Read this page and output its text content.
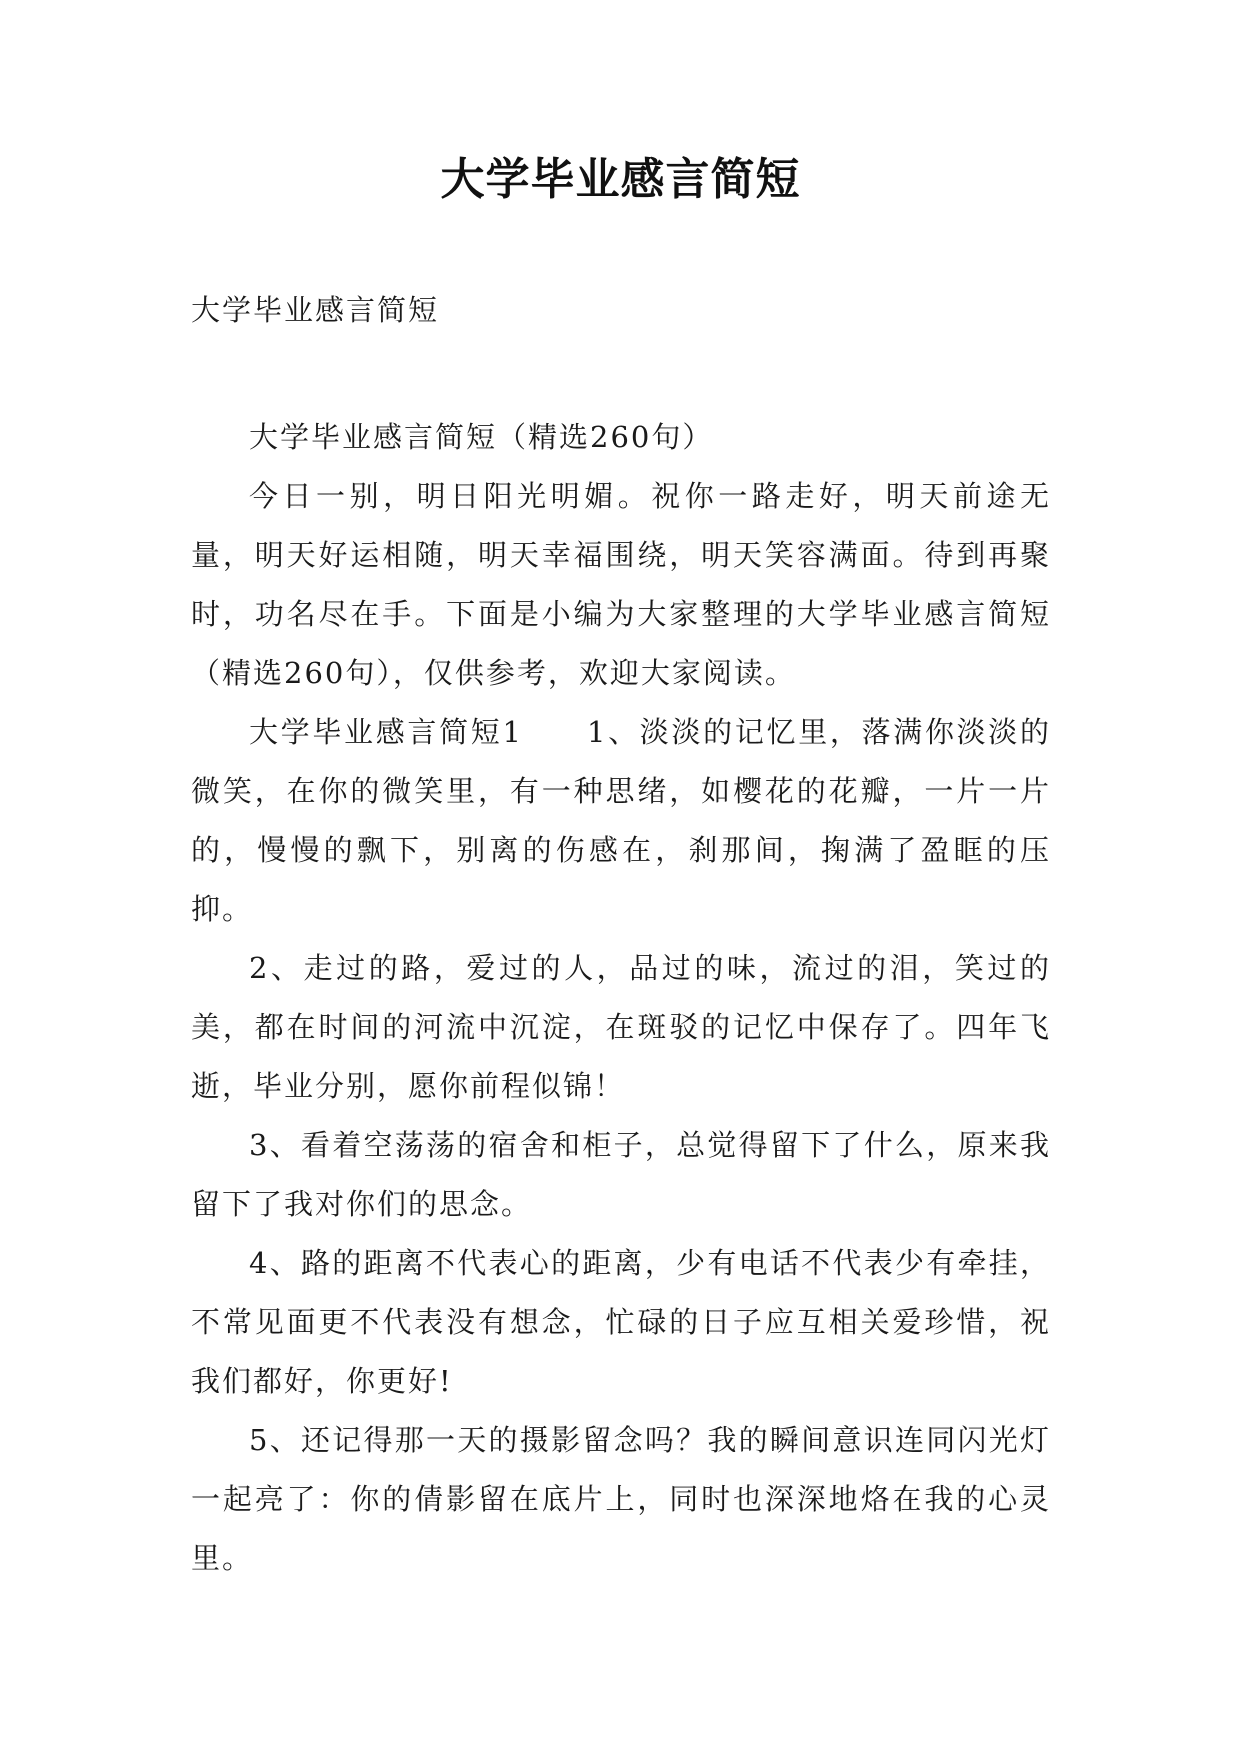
大学毕业感言简短
大学毕业感言简短

大学毕业感言简短（精选260句）

今日一别，明日阳光明媚。祝你一路走好，明天前途无量，明天好运相随，明天幸福围绕，明天笑容满面。待到再聚时，功名尽在手。下面是小编为大家整理的大学毕业感言简短（精选260句），仅供参考，欢迎大家阅读。

大学毕业感言简短1　　1、淡淡的记忆里，落满你淡淡的微笑，在你的微笑里，有一种思绪，如樱花的花瓣，一片一片的，慢慢的飘下，别离的伤感在，刹那间，掬满了盈眶的压抑。

2、走过的路，爱过的人，品过的味，流过的泪，笑过的美，都在时间的河流中沉淀，在斑驳的记忆中保存了。四年飞逝，毕业分别，愿你前程似锦！

3、看着空荡荡的宿舍和柜子，总觉得留下了什么，原来我留下了我对你们的思念。

4、路的距离不代表心的距离，少有电话不代表少有牵挂，不常见面更不代表没有想念，忙碌的日子应互相关爱珍惜，祝我们都好，你更好!

5、还记得那一天的摄影留念吗？我的瞬间意识连同闪光灯一起亮了：你的倩影留在底片上，同时也深深地烙在我的心灵里。
